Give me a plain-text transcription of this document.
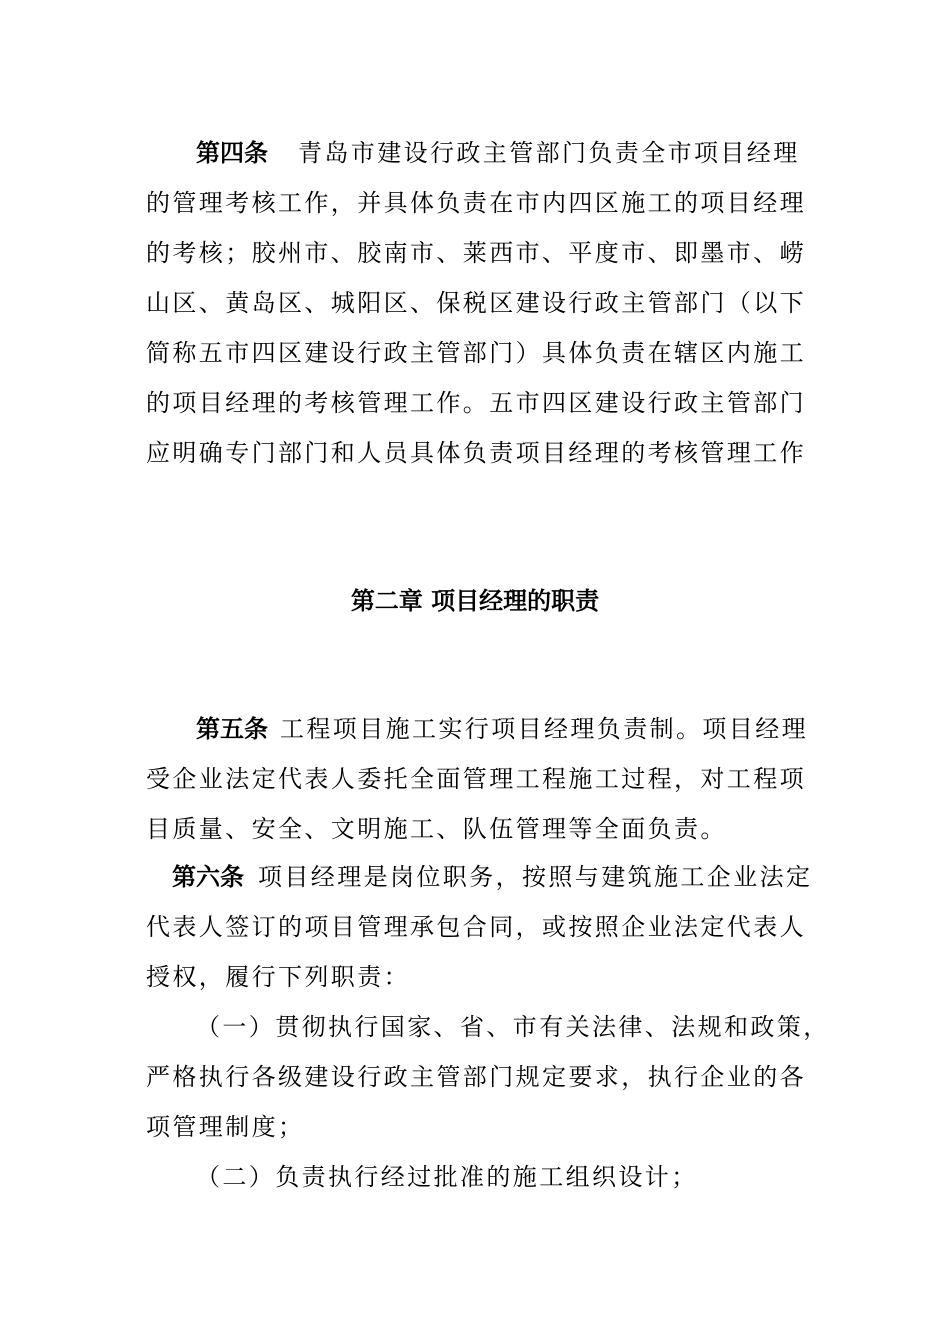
第四条 青岛市建设行政主管部门负责全市项目经理
的管理考核工作，并具体负责在市内四区施工的项目经理
的考核；胶州市、胶南市、莱西市、平度市、即墨市、崂
山区、黄岛区、城阳区、保税区建设行政主管部门（以下
简称五市四区建设行政主管部门）具体负责在辖区内施工
的项目经理的考核管理工作。五市四区建设行政主管部门
应明确专门部门和人员具体负责项目经理的考核管理工作
第二章 项目经理的职责
第五条 工程项目施工实行项目经理负责制。项目经理
受企业法定代表人委托全面管理工程施工过程，对工程项
目质量、安全、文明施工、队伍管理等全面负责。
第六条 项目经理是岗位职务，按照与建筑施工企业法定
代表人签订的项目管理承包合同，或按照企业法定代表人
授权，履行下列职责：
（一）贯彻执行国家、省、市有关法律、法规和政策，
严格执行各级建设行政主管部门规定要求，执行企业的各
项管理制度；
（二）负责执行经过批准的施工组织设计；
